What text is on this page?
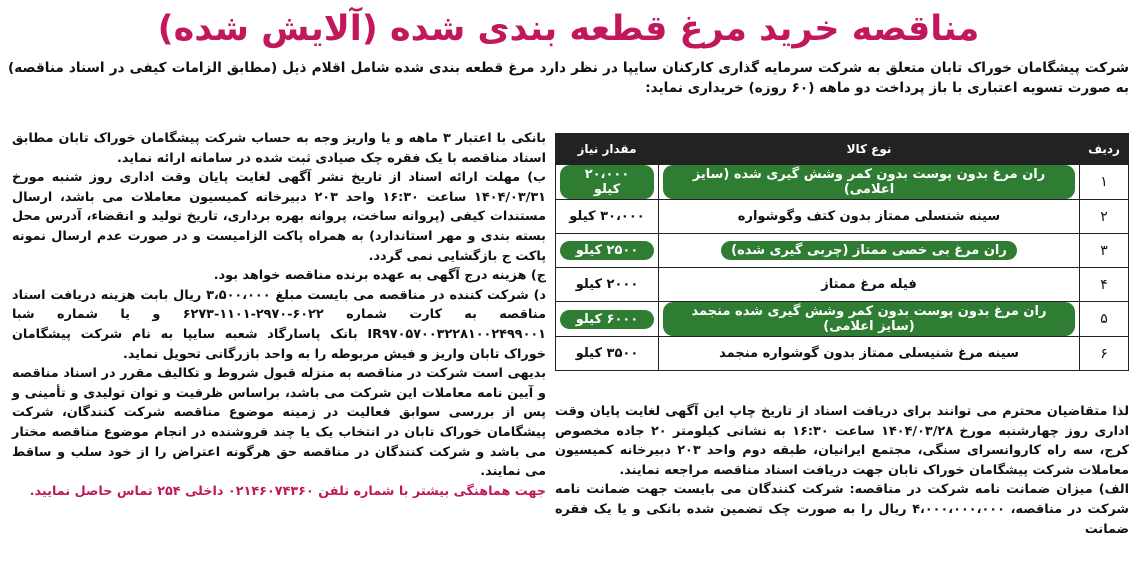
مناقصه خرید مرغ قطعه بندی شده (آلایش شده)
شرکت پیشگامان خوراک تابان متعلق به شرکت سرمایه گذاری کارکنان سایپا در نظر دارد مرغ قطعه بندی شده شامل اقلام ذیل (مطابق الزامات کیفی در اسناد مناقصه) به صورت تسویه اعتباری با باز پرداخت دو ماهه (۶۰ روزه) خریداری نماید:
ردیف	نوع کالا	مقدار نیاز
۱	ران مرغ بدون پوست بدون کمر وشش گیری شده (سایز اعلامی)	۲۰،۰۰۰ کیلو
۲	سینه شنسلی ممتاز بدون کتف وگوشواره	۳۰،۰۰۰ کیلو
۳	ران مرغ بی خصی ممتاز (چربی گیری شده)	۲۵۰۰ کیلو
۴	فیله مرغ ممتاز	۲۰۰۰ کیلو
۵	ران مرغ بدون پوست بدون کمر وشش گیری شده منجمد (سایز اعلامی)	۶۰۰۰ کیلو
۶	سینه مرغ شنیسلی ممتاز بدون گوشواره منجمد	۳۵۰۰ کیلو

لذا متقاضیان محترم می توانند برای دریافت اسناد از تاریخ چاپ این آگهی لغایت پایان وقت اداری روز چهارشنبه مورخ ۱۴۰۴/۰۳/۲۸ ساعت ۱۶:۳۰ به نشانی کیلومتر ۲۰ جاده مخصوص کرج، سه راه کاروانسرای سنگی، مجتمع ایرانیان، طبقه دوم واحد ۲۰۳ دبیرخانه کمیسیون معاملات شرکت پیشگامان خوراک تابان جهت دریافت اسناد مناقصه مراجعه نمایند.

الف) میزان ضمانت نامه شرکت در مناقصه: شرکت کنندگان می بایست جهت ضمانت نامه شرکت در مناقصه، ۴،۰۰۰،۰۰۰،۰۰۰ ریال را به صورت چک تضمین شده بانکی و یا یک فقره ضمانت

بانکی با اعتبار ۳ ماهه و یا واریز وجه به حساب شرکت پیشگامان خوراک تابان مطابق اسناد مناقصه با یک فقره چک صیادی ثبت شده در سامانه ارائه نماید.

ب) مهلت ارائه اسناد از تاریخ نشر آگهی لغایت پایان وقت اداری روز شنبه مورخ ۱۴۰۴/۰۳/۳۱ ساعت ۱۶:۳۰ واحد ۲۰۳ دبیرخانه کمیسیون معاملات می باشد، ارسال مستندات کیفی (پروانه ساخت، پروانه بهره برداری، تاریخ تولید و انقضاء، آدرس محل بسته بندی و مهر استاندارد) به همراه پاکت الزامیست و در صورت عدم ارسال نمونه پاکت ج بازگشایی نمی گردد.

ج) هزینه درج آگهی به عهده برنده مناقصه خواهد بود.

د) شرکت کننده در مناقصه می بایست مبلغ ۳،۵۰۰،۰۰۰ ریال بابت هزینه دریافت اسناد مناقصه به کارت شماره ۶۰۲۲-۲۹۷۰-۱۱۰۱-۶۲۷۳ و یا شماره شبا IR۹۷۰۵۷۰۰۳۲۲۸۱۰۰۲۴۹۹۰۰۱ بانک پاسارگاد شعبه سایپا به نام شرکت پیشگامان خوراک تابان واریز و فیش مربوطه را به واحد بازرگانی تحویل نماید.

بدیهی است شرکت در مناقصه به منزله قبول شروط و تکالیف مقرر در اسناد مناقصه و آیین نامه معاملات این شرکت می باشد، براساس ظرفیت و توان تولیدی و تأمینی و پس از بررسی سوابق فعالیت در زمینه موضوع مناقصه شرکت کنندگان، شرکت پیشگامان خوراک تابان در انتخاب یک یا چند فروشنده در انجام موضوع مناقصه مختار می باشد و شرکت کنندگان در مناقصه حق هرگونه اعتراض را از خود سلب و ساقط می نمایند.

جهت هماهنگی بیشتر با شماره تلفن ۰۲۱۴۶۰۷۴۳۶۰ داخلی ۲۵۴ تماس حاصل نمایید.
